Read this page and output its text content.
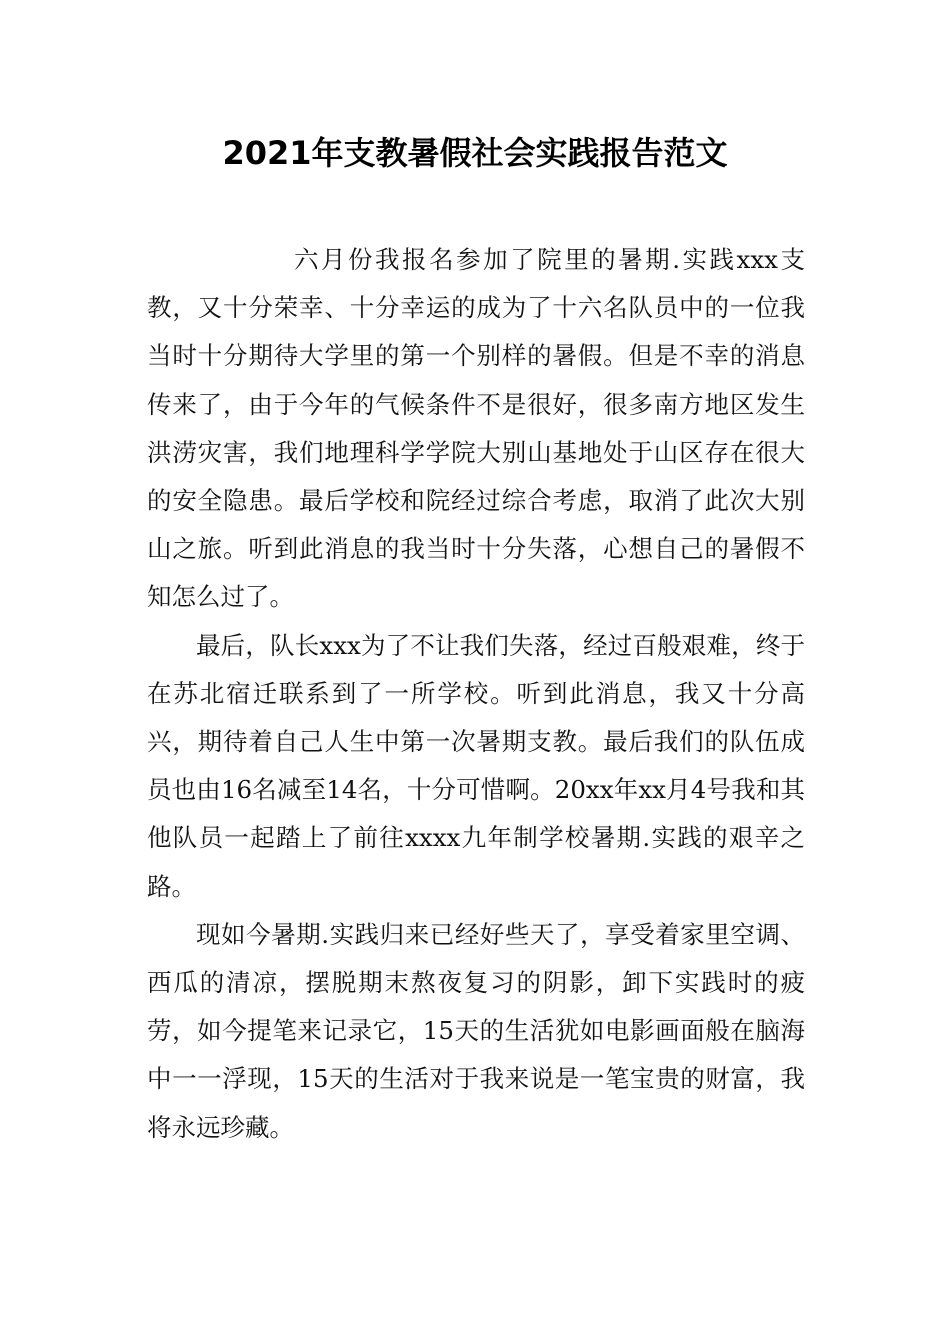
2021年支教暑假社会实践报告范文

六月份我报名参加了院里的暑期.实践xxx支教，又十分荣幸、十分幸运的成为了十六名队员中的一位我当时十分期待大学里的第一个别样的暑假。但是不幸的消息传来了，由于今年的气候条件不是很好，很多南方地区发生洪涝灾害，我们地理科学学院大别山基地处于山区存在很大的安全隐患。最后学校和院经过综合考虑，取消了此次大别山之旅。听到此消息的我当时十分失落，心想自己的暑假不知怎么过了。

最后，队长xxx为了不让我们失落，经过百般艰难，终于在苏北宿迁联系到了一所学校。听到此消息，我又十分高兴，期待着自己人生中第一次暑期支教。最后我们的队伍成员也由16名减至14名，十分可惜啊。20xx年xx月4号我和其他队员一起踏上了前往xxxx九年制学校暑期.实践的艰辛之路。

现如今暑期.实践归来已经好些天了，享受着家里空调、西瓜的清凉，摆脱期末熬夜复习的阴影，卸下实践时的疲劳，如今提笔来记录它，15天的生活犹如电影画面般在脑海中一一浮现，15天的生活对于我来说是一笔宝贵的财富，我将永远珍藏。
